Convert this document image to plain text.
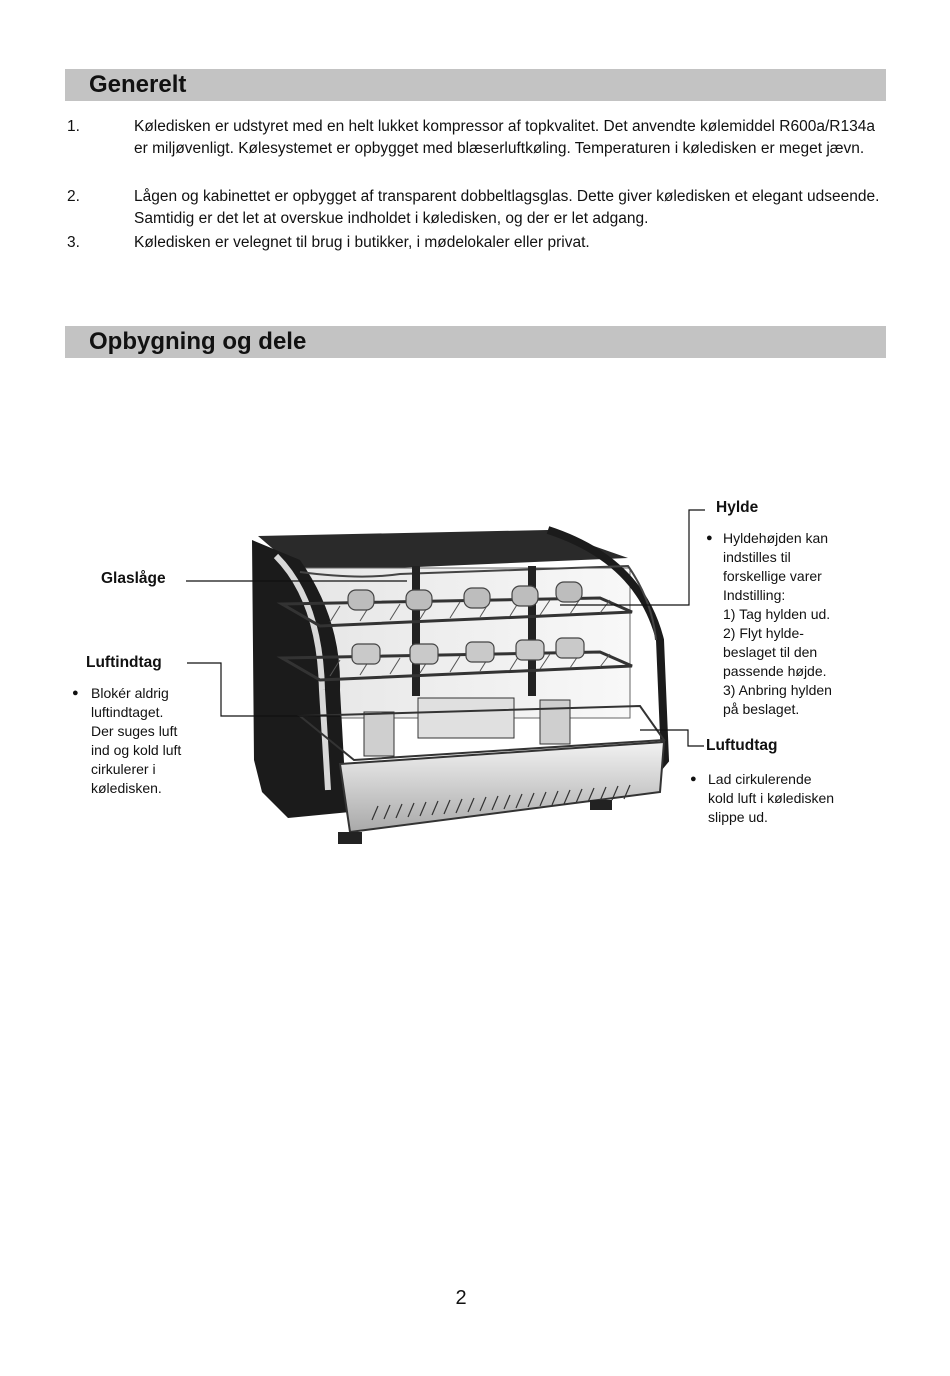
Generelt
1.	Køledisken er udstyret med en helt lukket kompressor af topkvalitet. Det anvendte kølemiddel R600a/R134a er miljøvenligt. Kølesystemet er opbygget med blæserluftkøling. Temperaturen i køledisken er meget jævn.
2.	Lågen og kabinettet er opbygget af transparent dobbeltlagsglas. Dette giver køledisken et elegant udseende. Samtidig er det let at overskue indholdet i køledisken, og der er let adgang.
3.	Køledisken er velegnet til brug i butikker, i mødelokaler eller privat.
Opbygning og dele
Glaslåge
Luftindtag
● Blokér aldrig
luftindtaget.
Der suges luft
ind og kold luft
cirkulerer i
køledisken.
Hylde
● Hyldehøjden kan
indstilles til
forskellige varer
Indstilling:
1) Tag hylden ud.
2) Flyt hylde-
beslaget til den
passende højde.
3) Anbring hylden
på beslaget.
Luftudtag
● Lad cirkulerende
kold luft i køledisken
slippe ud.
2
